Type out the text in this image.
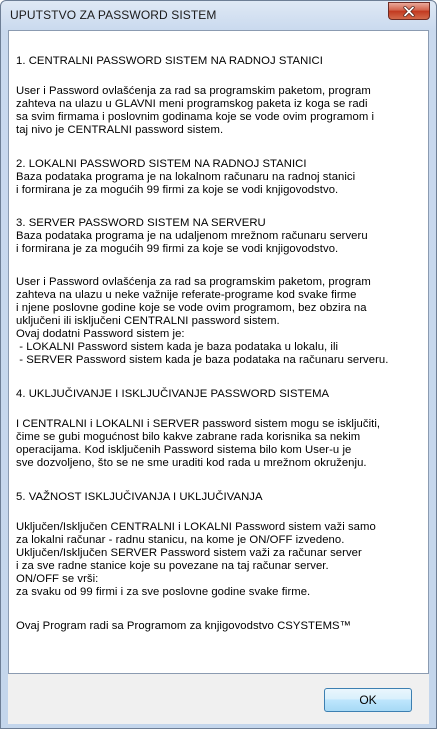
UPUTSTVO ZA PASSWORD SISTEM
1. CENTRALNI PASSWORD SISTEM NA RADNOJ STANICI
User i Password ovlašćenja za rad sa programskim paketom, program
zahteva na ulazu u GLAVNI meni programskog paketa iz koga se radi
sa svim firmama i poslovnim godinama koje se vode ovim programom i
taj nivo je CENTRALNI password sistem.
2. LOKALNI PASSWORD SISTEM NA RADNOJ STANICI
Baza podataka programa je na lokalnom računaru na radnoj stanici
i formirana je za mogućih 99 firmi za koje se vodi knjigovodstvo.
3. SERVER PASSWORD SISTEM NA SERVERU
Baza podataka programa je na udaljenom mrežnom računaru serveru
i formirana je za mogućih 99 firmi za koje se vodi knjigovodstvo.
User i Password ovlašćenja za rad sa programskim paketom, program
zahteva na ulazu u neke važnije referate-programe kod svake firme
i njene poslovne godine koje se vode ovim programom, bez obzira na
uključeni ili isključeni CENTRALNI password sistem.
Ovaj dodatni Password sistem je:
- LOKALNI Password sistem kada je baza podataka u lokalu, ili
- SERVER Password sistem kada je baza podataka na računaru serveru.
4. UKLJUČIVANJE I ISKLJUČIVANJE PASSWORD SISTEMA
I CENTRALNI i LOKALNI i SERVER password sistem mogu se isključiti,
čime se gubi mogućnost bilo kakve zabrane rada korisnika sa nekim
operacijama. Kod isključenih Password sistema bilo kom User-u je
sve dozvoljeno, što se ne sme uraditi kod rada u mrežnom okruženju.
5. VAŽNOST ISKLJUČIVANJA I UKLJUČIVANJA
Uključen/Isključen CENTRALNI i LOKALNI Password sistem važi samo
za lokalni računar - radnu stanicu, na kome je ON/OFF izvedeno.
Uključen/Isključen SERVER Password sistem važi za računar server
i za sve radne stanice koje su povezane na taj računar server.
ON/OFF se vrši:
za svaku od 99 firmi i za sve poslovne godine svake firme.
Ovaj Program radi sa Programom za knjigovodstvo CSYSTEMS™
OK
